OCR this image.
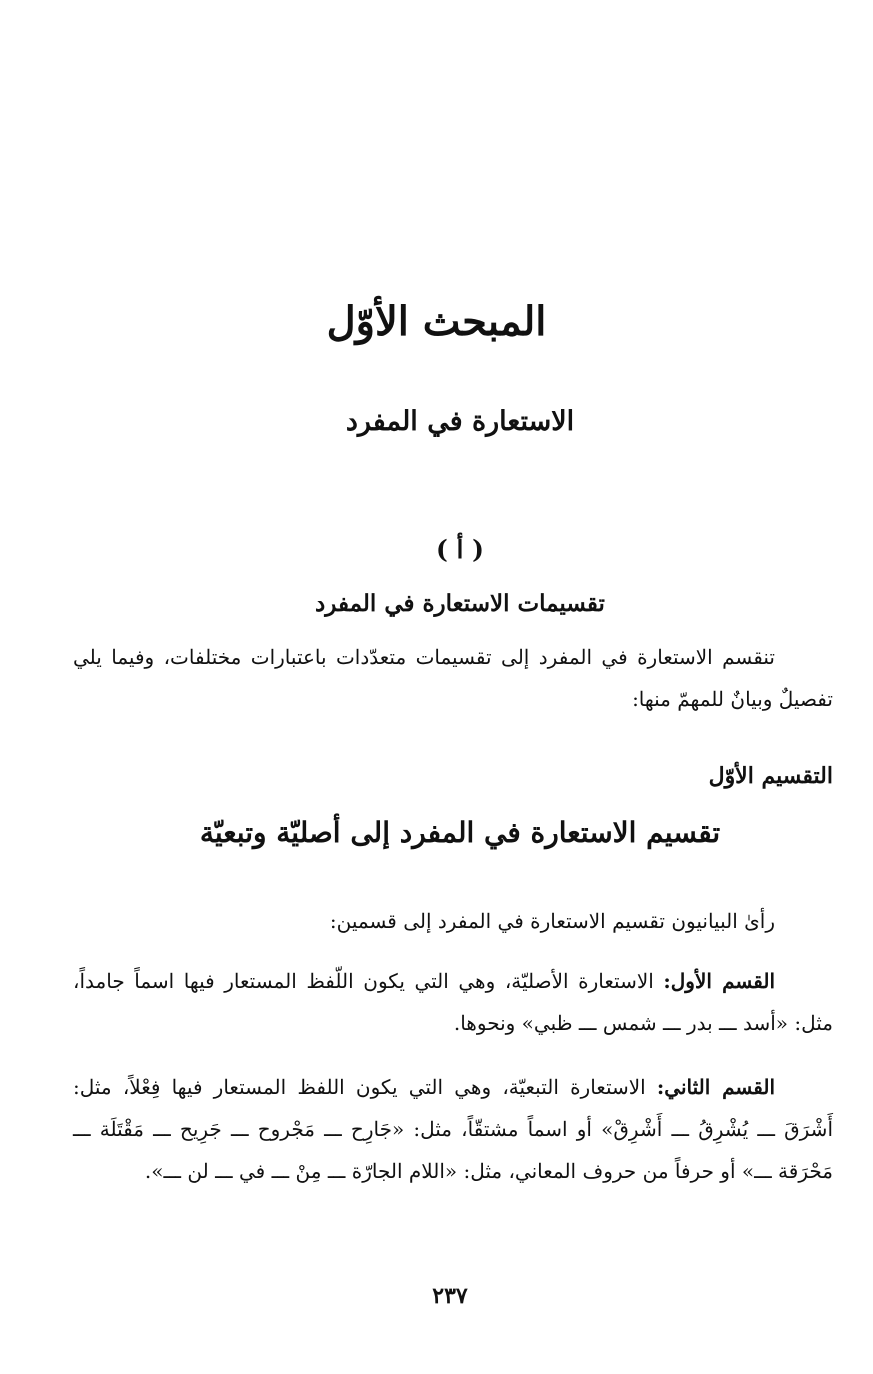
المبحث الأوّل
الاستعارة في المفرد
( أ )
تقسيمات الاستعارة في المفرد

تنقسم الاستعارة في المفرد إلى تقسيمات متعدّدات باعتبارات مختلفات، وفيما يلي تفصيلٌ وبيانٌ للمهمّ منها:

التقسيم الأوّل
تقسيم الاستعارة في المفرد إلى أصليّة وتبعيّة

رأىٰ البيانيون تقسيم الاستعارة في المفرد إلى قسمين:

القسم الأول: الاستعارة الأصليّة، وهي التي يكون اللّفظ المستعار فيها اسماً جامداً، مثل: «أسد ـــ بدر ـــ شمس ـــ ظبي» ونحوها.

القسم الثاني: الاستعارة التبعيّة، وهي التي يكون اللفظ المستعار فيها فِعْلاً، مثل: أَشْرَقَ ـــ يُشْرِقُ ـــ أَشْرِقْ» أو اسماً مشتقّاً، مثل: «جَارِح ـــ مَجْروح ـــ جَرِيح ـــ مَقْتَلَة ـــ مَحْرَقة ـــ» أو حرفاً من حروف المعاني، مثل: «اللام الجارّة ـــ مِنْ ـــ في ـــ لن ـــ».

٢٣٧
